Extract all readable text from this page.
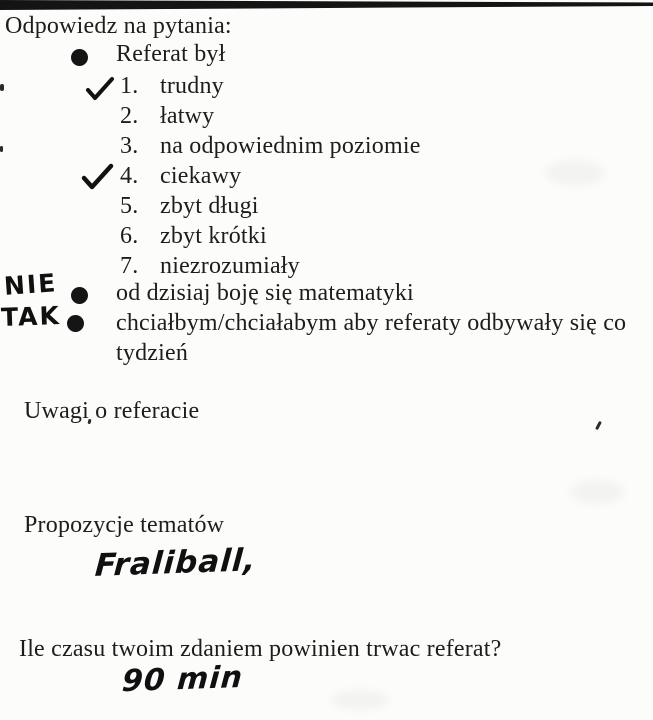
Odpowiedz na pytania:
Referat był
1. trudny
2. łatwy
3. na odpowiednim poziomie
4. ciekawy
5. zbyt długi
6. zbyt krótki
7. niezrozumiały
NIE od dzisiaj boję się matematyki
TAK chciałbym/chciałabym aby referaty odbywały się co tydzień
Uwagi o referacie
Propozycje tematów
Fraliball,
Ile czasu twoim zdaniem powinien trwac referat?
90 min
